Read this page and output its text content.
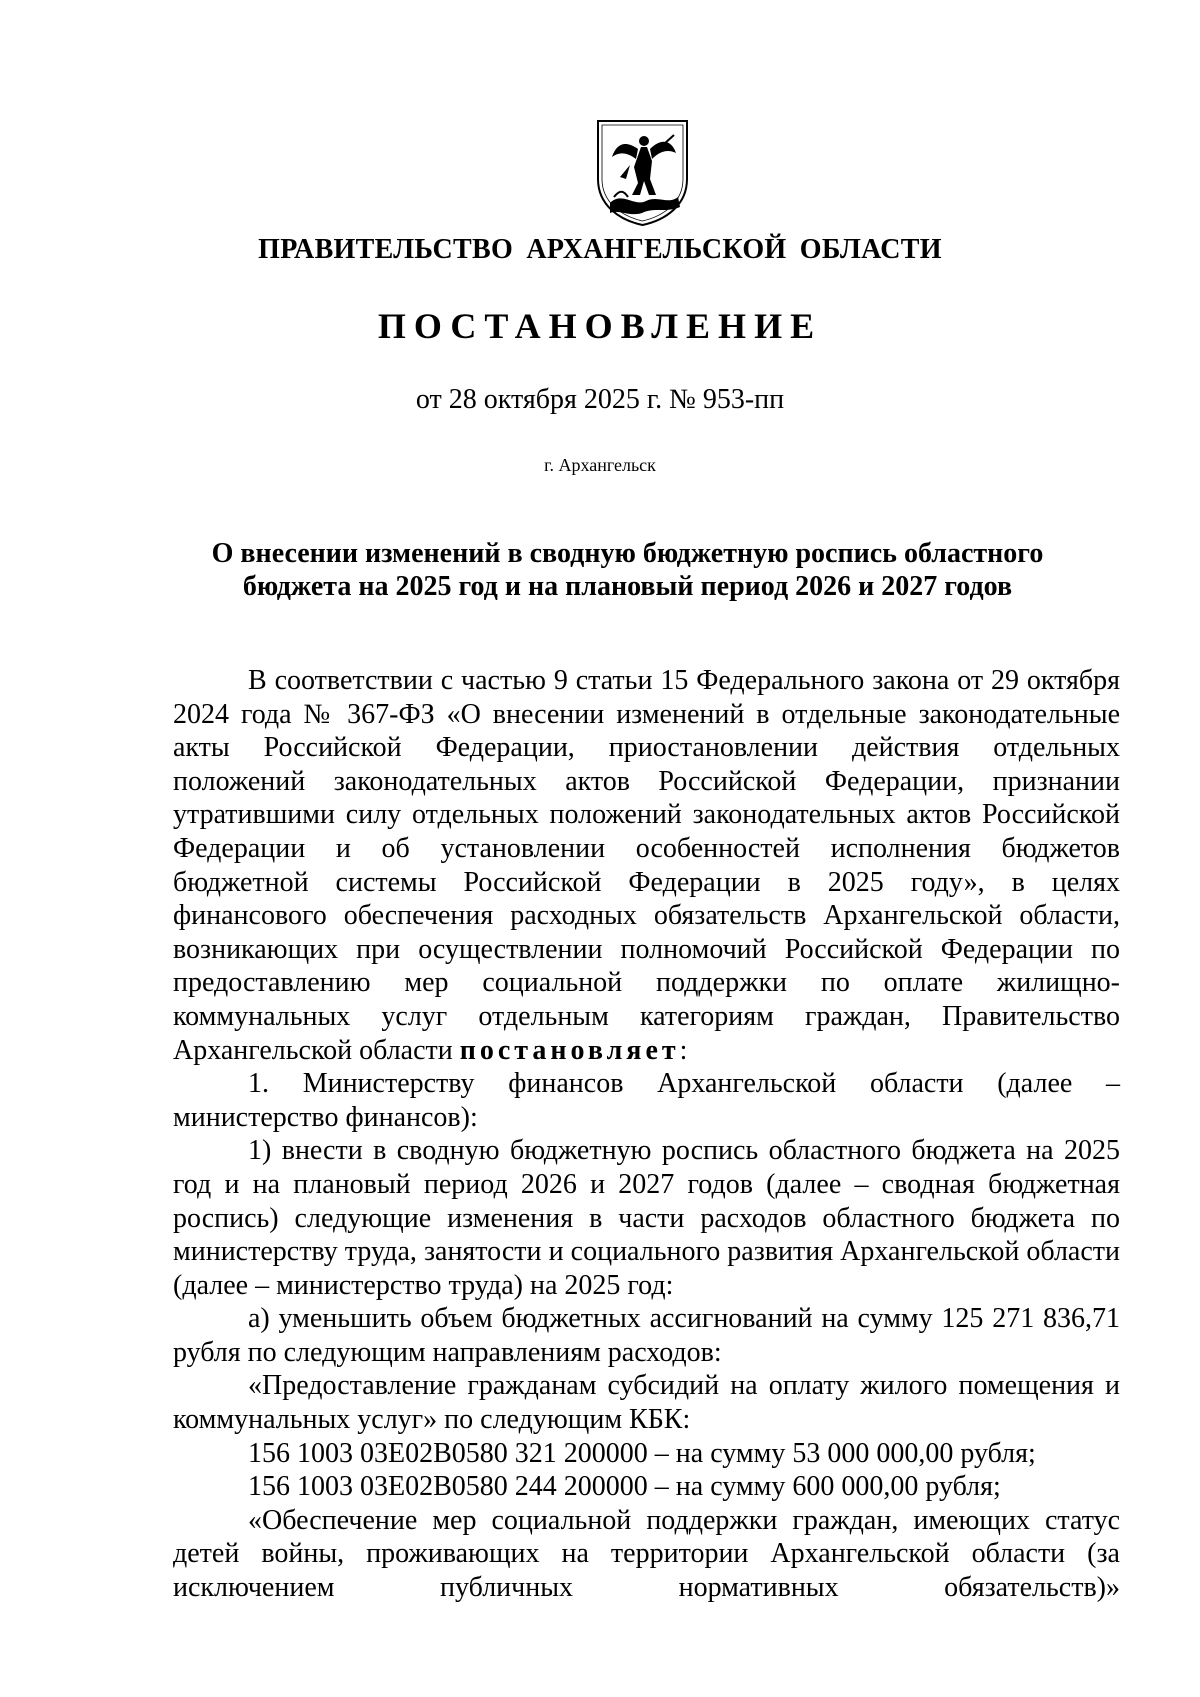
ПРАВИТЕЛЬСТВО АРХАНГЕЛЬСКОЙ ОБЛАСТИ
ПОСТАНОВЛЕНИЕ
от 28 октября 2025 г. № 953-пп
г. Архангельск
О внесении изменений в сводную бюджетную роспись областного бюджета на 2025 год и на плановый период 2026 и 2027 годов

В соответствии с частью 9 статьи 15 Федерального закона от 29 октября 2024 года № 367-ФЗ «О внесении изменений в отдельные законодательные акты Российской Федерации, приостановлении действия отдельных положений законодательных актов Российской Федерации, признании утратившими силу отдельных положений законодательных актов Российской Федерации и об установлении особенностей исполнения бюджетов бюджетной системы Российской Федерации в 2025 году», в целях финансового обеспечения расходных обязательств Архангельской области, возникающих при осуществлении полномочий Российской Федерации по предоставлению мер социальной поддержки по оплате жилищно-коммунальных услуг отдельным категориям граждан, Правительство Архангельской области постановляет:

1. Министерству финансов Архангельской области (далее – министерство финансов):

1) внести в сводную бюджетную роспись областного бюджета на 2025 год и на плановый период 2026 и 2027 годов (далее – сводная бюджетная роспись) следующие изменения в части расходов областного бюджета по министерству труда, занятости и социального развития Архангельской области (далее – министерство труда) на 2025 год:

а) уменьшить объем бюджетных ассигнований на сумму 125 271 836,71 рубля по следующим направлениям расходов:

«Предоставление гражданам субсидий на оплату жилого помещения и коммунальных услуг» по следующим КБК:

156 1003 03Е02В0580 321 200000 – на сумму 53 000 000,00 рубля;

156 1003 03Е02В0580 244 200000 – на сумму 600 000,00 рубля;

«Обеспечение мер социальной поддержки граждан, имеющих статус детей войны, проживающих на территории Архангельской области (за исключением публичных нормативных обязательств)»
